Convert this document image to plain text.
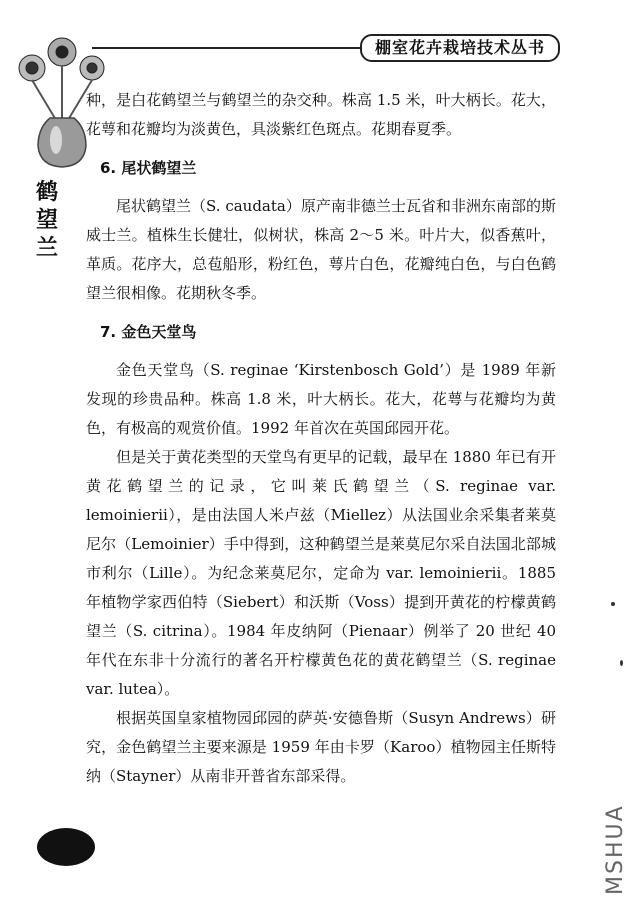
棚室花卉栽培技术丛书
鹤望兰

种，是白花鹤望兰与鹤望兰的杂交种。株高 1.5 米，叶大柄长。花大，花萼和花瓣均为淡黄色，具淡紫红色斑点。花期春夏季。

6. 尾状鹤望兰

尾状鹤望兰（S. caudata）原产南非德兰士瓦省和非洲东南部的斯威士兰。植株生长健壮，似树状，株高 2～5 米。叶片大，似香蕉叶，革质。花序大，总苞船形，粉红色，萼片白色，花瓣纯白色，与白色鹤望兰很相像。花期秋冬季。

7. 金色天堂鸟

金色天堂鸟（S. reginae ‘Kirstenbosch Gold’）是 1989 年新发现的珍贵品种。株高 1.8 米，叶大柄长。花大，花萼与花瓣均为黄色，有极高的观赏价值。1992 年首次在英国邱园开花。

但是关于黄花类型的天堂鸟有更早的记载，最早在 1880 年已有开黄花鹤望兰的记录，它叫莱氏鹤望兰（S. reginae var. lemoinierii），是由法国人米卢兹（Miellez）从法国业余采集者莱莫尼尔（Lemoinier）手中得到，这种鹤望兰是莱莫尼尔采自法国北部城市利尔（Lille）。为纪念莱莫尼尔，定命为 var. lemoinierii。1885 年植物学家西伯特（Siebert）和沃斯（Voss）提到开黄花的柠檬黄鹤望兰（S. citrina）。1984 年皮纳阿（Pienaar）例举了 20 世纪 40 年代在东非十分流行的著名开柠檬黄色花的黄花鹤望兰（S. reginae var. lutea）。

根据英国皇家植物园邱园的萨英·安德鲁斯（Susyn Andrews）研究，金色鹤望兰主要来源是 1959 年由卡罗（Karoo）植物园主任斯特纳（Stayner）从南非开普省东部采得。

MSHUA
